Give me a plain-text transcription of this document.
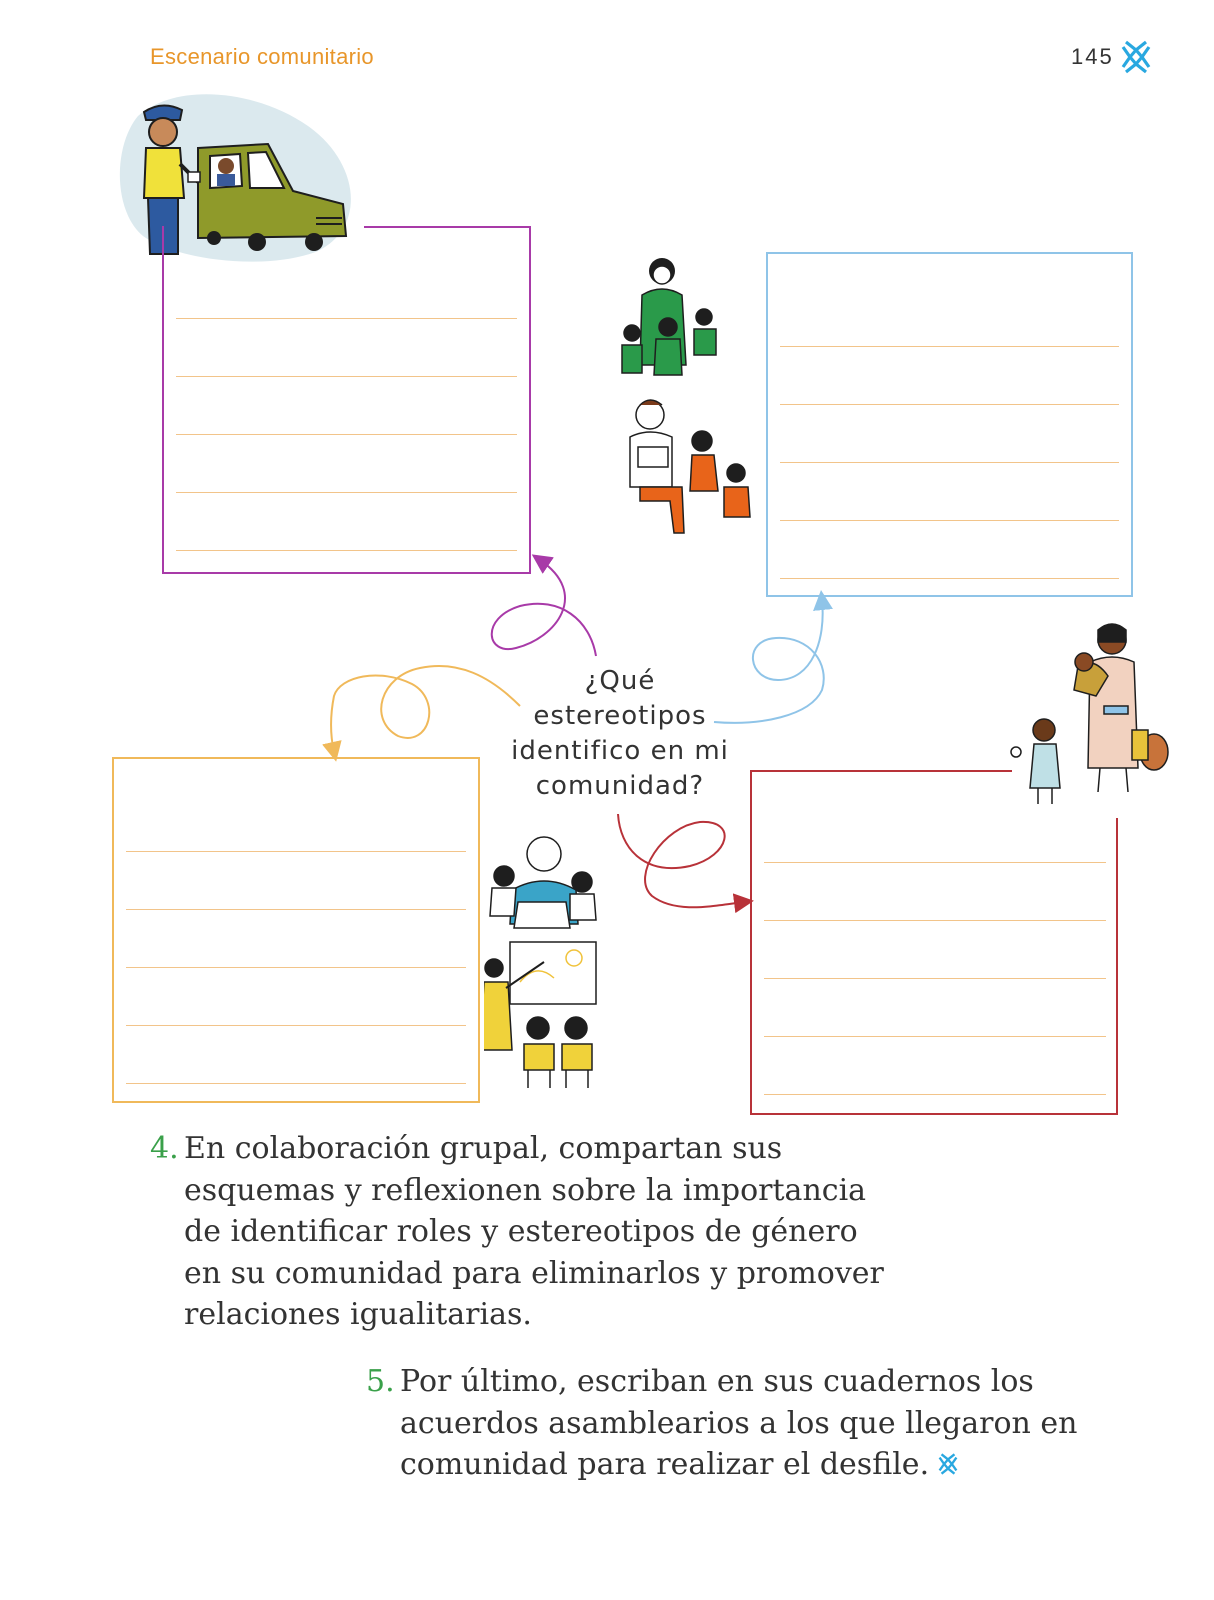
Escenario comunitario	145
¿Qué
estereotipos
identifico en mi
comunidad?
4. En colaboración grupal, compartan sus
esquemas y reflexionen sobre la importancia
de identificar roles y estereotipos de género
en su comunidad para eliminarlos y promover
relaciones igualitarias.
5. Por último, escriban en sus cuadernos los
acuerdos asamblearios a los que llegaron en
comunidad para realizar el desfile.
